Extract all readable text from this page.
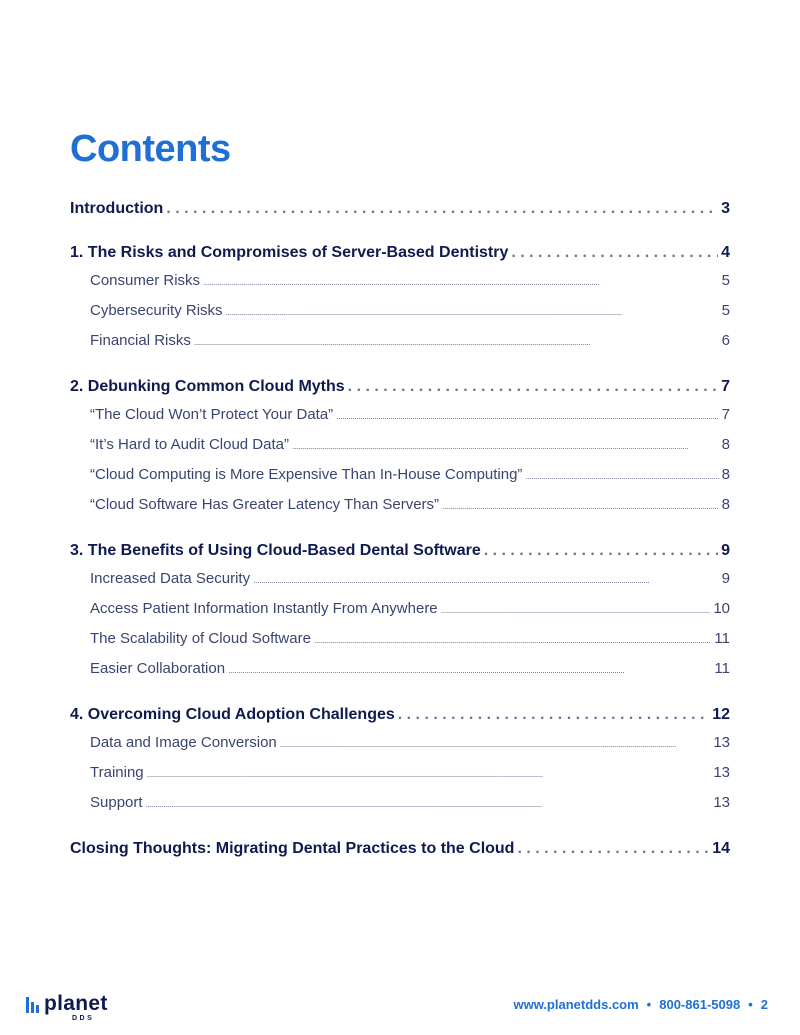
Contents
Introduction . . .	3
1. The Risks and Compromises of Server-Based Dentistry . . .	4
Consumer Risks . . .	5
Cybersecurity Risks . . .	5
Financial Risks . . .	6
2. Debunking Common Cloud Myths . . .	7
“The Cloud Won’t Protect Your Data” . . .	7
“It’s Hard to Audit Cloud Data” . . .	8
“Cloud Computing is More Expensive Than In-House Computing” . . .	8
“Cloud Software Has Greater Latency Than Servers” . . .	8
3. The Benefits of Using Cloud-Based Dental Software . . .	9
Increased Data Security . . .	9
Access Patient Information Instantly From Anywhere . . .	10
The Scalability of Cloud Software . . .	11
Easier Collaboration . . .	11
4. Overcoming Cloud Adoption Challenges . . .	12
Data and Image Conversion . . .	13
Training . . .	13
Support . . .	13
Closing Thoughts: Migrating Dental Practices to the Cloud . . .	14
planet
DDS
www.planetdds.com • 800-861-5098 • 2
